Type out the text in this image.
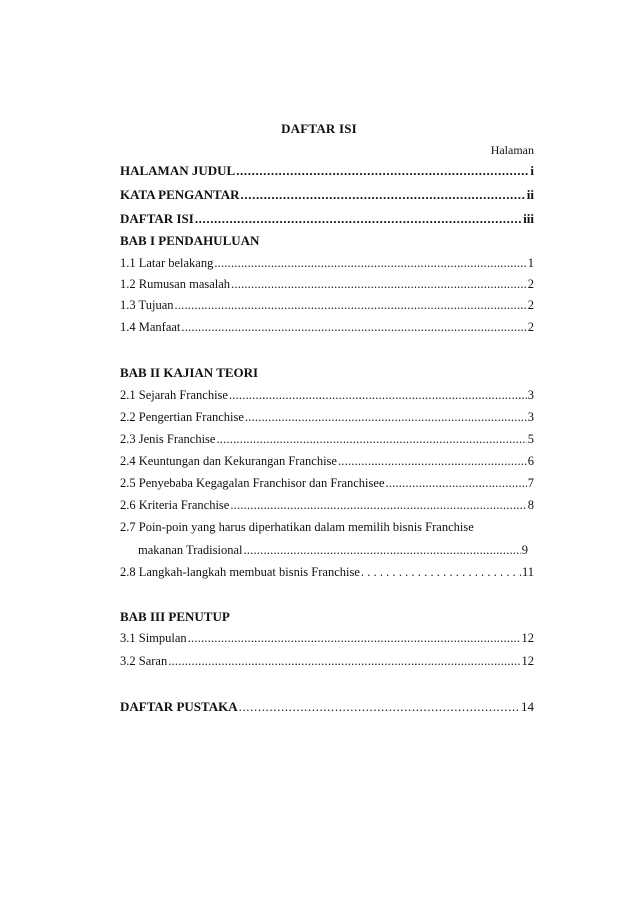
DAFTAR ISI
Halaman
HALAMAN JUDUL .....	i
KATA PENGANTAR .....	ii
DAFTAR ISI .....	iii
BAB I PENDAHULUAN
1.1 Latar belakang .....	1
1.2 Rumusan masalah .....	2
1.3 Tujuan .....	2
1.4 Manfaat .....	2
BAB II KAJIAN TEORI
2.1 Sejarah Franchise .....	3
2.2 Pengertian Franchise .....	3
2.3 Jenis Franchise .....	5
2.4 Keuntungan dan Kekurangan Franchise .....	6
2.5 Penyebaba Kegagalan Franchisor dan Franchisee .....	7
2.6 Kriteria Franchise .....	8
2.7 Poin-poin yang harus diperhatikan dalam memilih bisnis Franchise
makanan Tradisional .....	9
2.8 Langkah-langkah membuat bisnis Franchise .....	11
BAB III PENUTUP
3.1 Simpulan .....	12
3.2 Saran .....	12
DAFTAR PUSTAKA .....	14
